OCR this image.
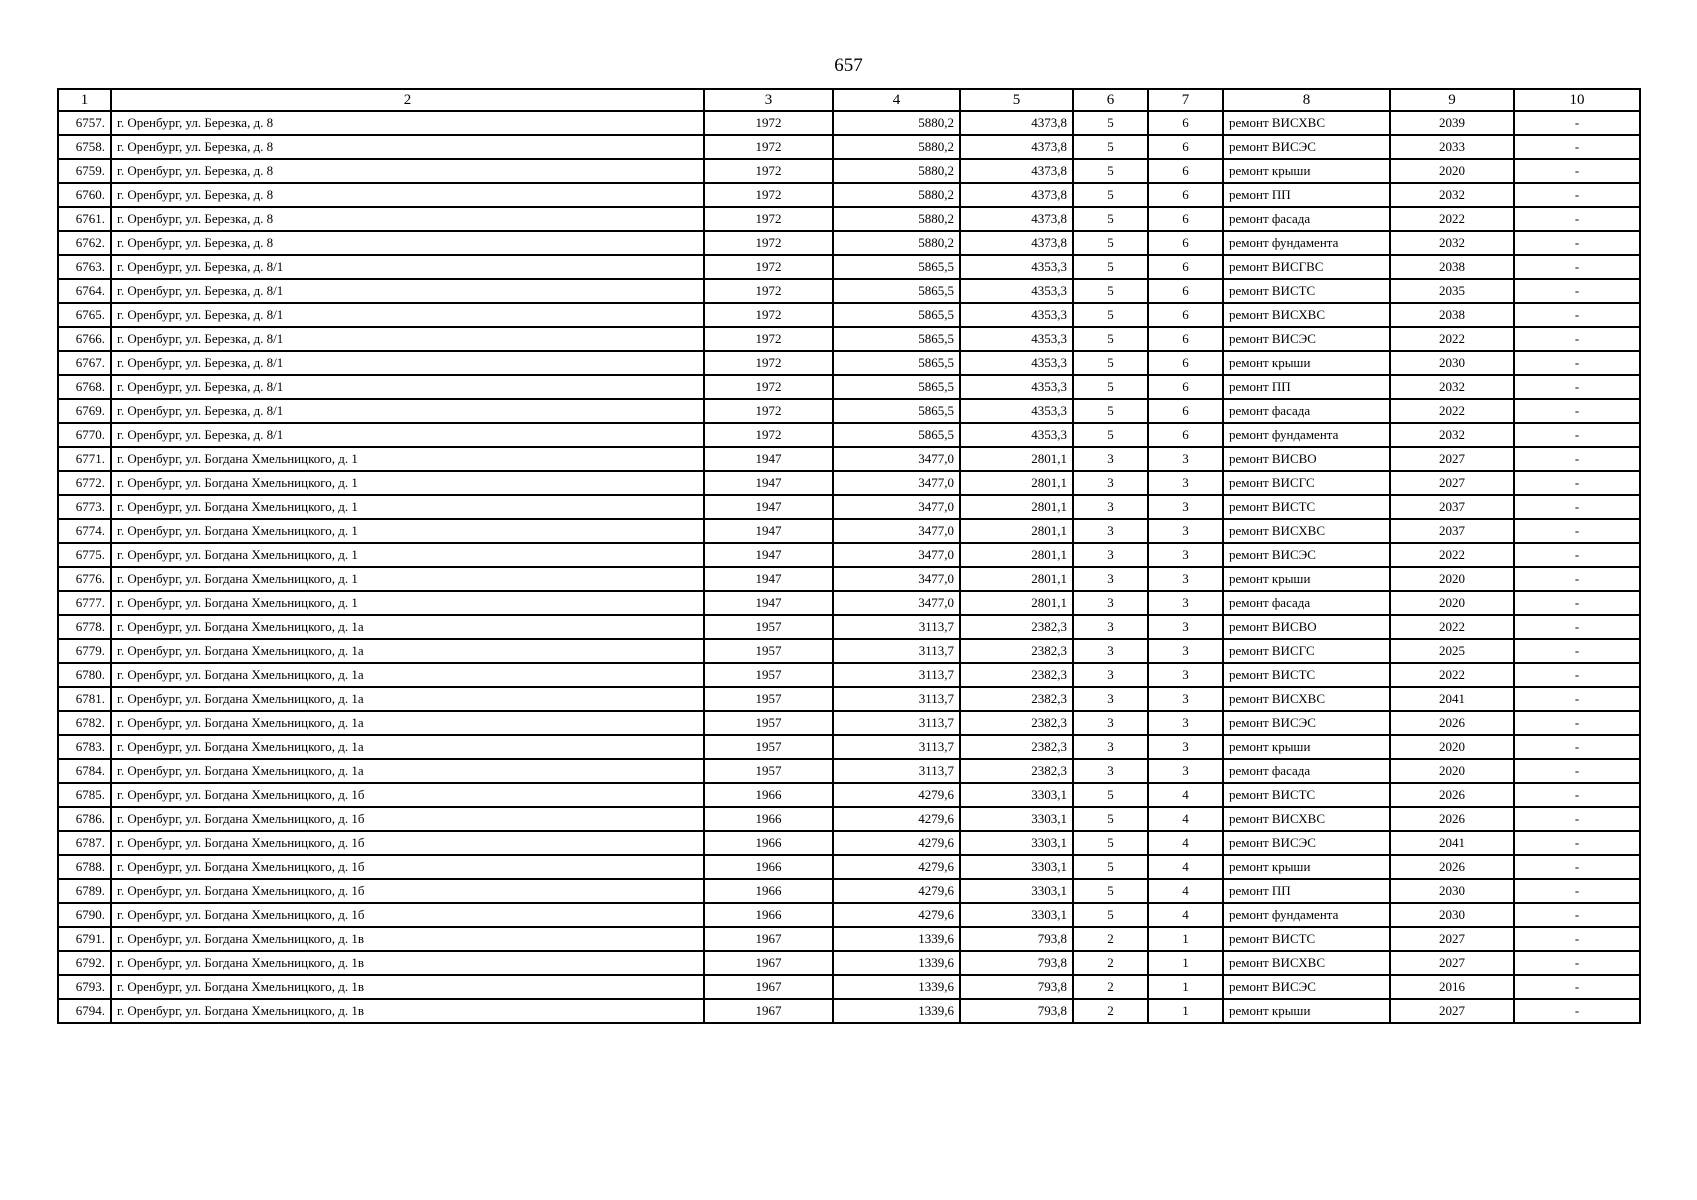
657
1	2	3	4	5	6	7	8	9	10
6757.	г. Оренбург, ул. Березка, д. 8	1972	5880,2	4373,8	5	6	ремонт ВИСХВС	2039	-
6758.	г. Оренбург, ул. Березка, д. 8	1972	5880,2	4373,8	5	6	ремонт ВИСЭС	2033	-
6759.	г. Оренбург, ул. Березка, д. 8	1972	5880,2	4373,8	5	6	ремонт крыши	2020	-
6760.	г. Оренбург, ул. Березка, д. 8	1972	5880,2	4373,8	5	6	ремонт ПП	2032	-
6761.	г. Оренбург, ул. Березка, д. 8	1972	5880,2	4373,8	5	6	ремонт фасада	2022	-
6762.	г. Оренбург, ул. Березка, д. 8	1972	5880,2	4373,8	5	6	ремонт фундамента	2032	-
6763.	г. Оренбург, ул. Березка, д. 8/1	1972	5865,5	4353,3	5	6	ремонт ВИСГВС	2038	-
6764.	г. Оренбург, ул. Березка, д. 8/1	1972	5865,5	4353,3	5	6	ремонт ВИСТС	2035	-
6765.	г. Оренбург, ул. Березка, д. 8/1	1972	5865,5	4353,3	5	6	ремонт ВИСХВС	2038	-
6766.	г. Оренбург, ул. Березка, д. 8/1	1972	5865,5	4353,3	5	6	ремонт ВИСЭС	2022	-
6767.	г. Оренбург, ул. Березка, д. 8/1	1972	5865,5	4353,3	5	6	ремонт крыши	2030	-
6768.	г. Оренбург, ул. Березка, д. 8/1	1972	5865,5	4353,3	5	6	ремонт ПП	2032	-
6769.	г. Оренбург, ул. Березка, д. 8/1	1972	5865,5	4353,3	5	6	ремонт фасада	2022	-
6770.	г. Оренбург, ул. Березка, д. 8/1	1972	5865,5	4353,3	5	6	ремонт фундамента	2032	-
6771.	г. Оренбург, ул. Богдана Хмельницкого, д. 1	1947	3477,0	2801,1	3	3	ремонт ВИСВО	2027	-
6772.	г. Оренбург, ул. Богдана Хмельницкого, д. 1	1947	3477,0	2801,1	3	3	ремонт ВИСГС	2027	-
6773.	г. Оренбург, ул. Богдана Хмельницкого, д. 1	1947	3477,0	2801,1	3	3	ремонт ВИСТС	2037	-
6774.	г. Оренбург, ул. Богдана Хмельницкого, д. 1	1947	3477,0	2801,1	3	3	ремонт ВИСХВС	2037	-
6775.	г. Оренбург, ул. Богдана Хмельницкого, д. 1	1947	3477,0	2801,1	3	3	ремонт ВИСЭС	2022	-
6776.	г. Оренбург, ул. Богдана Хмельницкого, д. 1	1947	3477,0	2801,1	3	3	ремонт крыши	2020	-
6777.	г. Оренбург, ул. Богдана Хмельницкого, д. 1	1947	3477,0	2801,1	3	3	ремонт фасада	2020	-
6778.	г. Оренбург, ул. Богдана Хмельницкого, д. 1а	1957	3113,7	2382,3	3	3	ремонт ВИСВО	2022	-
6779.	г. Оренбург, ул. Богдана Хмельницкого, д. 1а	1957	3113,7	2382,3	3	3	ремонт ВИСГС	2025	-
6780.	г. Оренбург, ул. Богдана Хмельницкого, д. 1а	1957	3113,7	2382,3	3	3	ремонт ВИСТС	2022	-
6781.	г. Оренбург, ул. Богдана Хмельницкого, д. 1а	1957	3113,7	2382,3	3	3	ремонт ВИСХВС	2041	-
6782.	г. Оренбург, ул. Богдана Хмельницкого, д. 1а	1957	3113,7	2382,3	3	3	ремонт ВИСЭС	2026	-
6783.	г. Оренбург, ул. Богдана Хмельницкого, д. 1а	1957	3113,7	2382,3	3	3	ремонт крыши	2020	-
6784.	г. Оренбург, ул. Богдана Хмельницкого, д. 1а	1957	3113,7	2382,3	3	3	ремонт фасада	2020	-
6785.	г. Оренбург, ул. Богдана Хмельницкого, д. 1б	1966	4279,6	3303,1	5	4	ремонт ВИСТС	2026	-
6786.	г. Оренбург, ул. Богдана Хмельницкого, д. 1б	1966	4279,6	3303,1	5	4	ремонт ВИСХВС	2026	-
6787.	г. Оренбург, ул. Богдана Хмельницкого, д. 1б	1966	4279,6	3303,1	5	4	ремонт ВИСЭС	2041	-
6788.	г. Оренбург, ул. Богдана Хмельницкого, д. 1б	1966	4279,6	3303,1	5	4	ремонт крыши	2026	-
6789.	г. Оренбург, ул. Богдана Хмельницкого, д. 1б	1966	4279,6	3303,1	5	4	ремонт ПП	2030	-
6790.	г. Оренбург, ул. Богдана Хмельницкого, д. 1б	1966	4279,6	3303,1	5	4	ремонт фундамента	2030	-
6791.	г. Оренбург, ул. Богдана Хмельницкого, д. 1в	1967	1339,6	793,8	2	1	ремонт ВИСТС	2027	-
6792.	г. Оренбург, ул. Богдана Хмельницкого, д. 1в	1967	1339,6	793,8	2	1	ремонт ВИСХВС	2027	-
6793.	г. Оренбург, ул. Богдана Хмельницкого, д. 1в	1967	1339,6	793,8	2	1	ремонт ВИСЭС	2016	-
6794.	г. Оренбург, ул. Богдана Хмельницкого, д. 1в	1967	1339,6	793,8	2	1	ремонт крыши	2027	-
